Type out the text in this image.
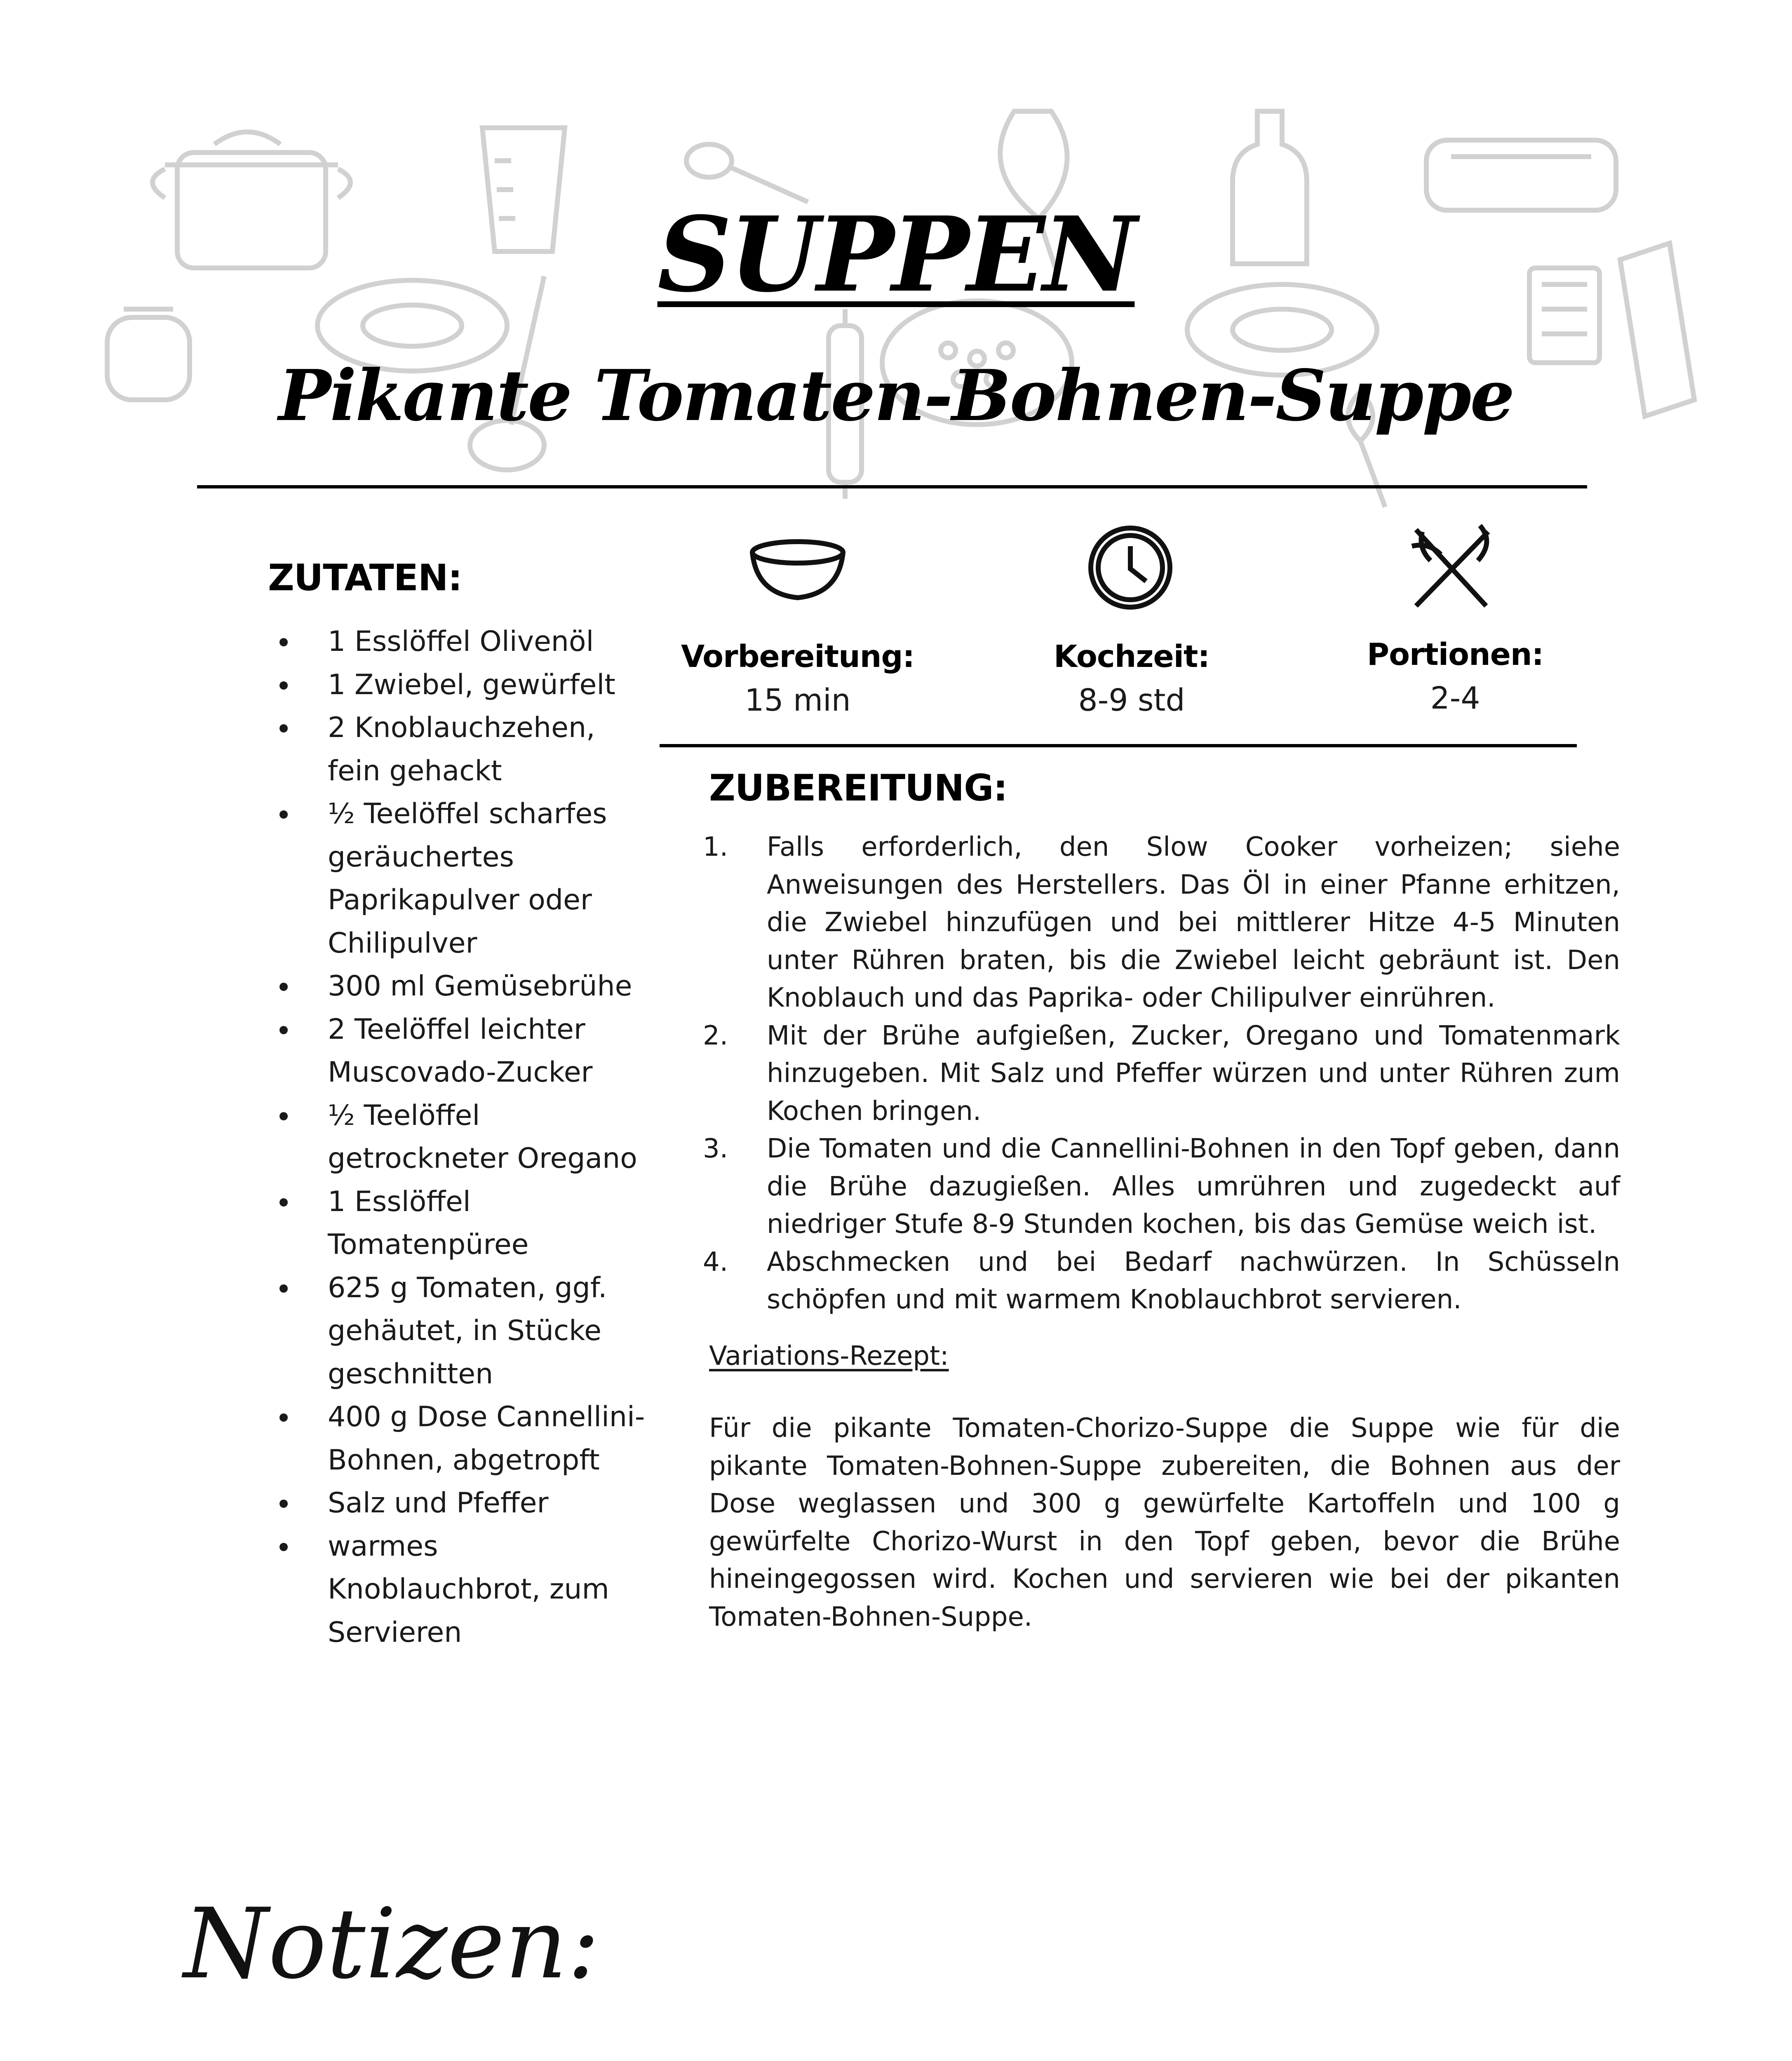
SUPPEN
Pikante Tomaten-Bohnen-Suppe
ZUTATEN:
1 Esslöffel Olivenöl
1 Zwiebel, gewürfelt
2 Knoblauchzehen, fein gehackt
½ Teelöffel scharfes geräuchertes Paprikapulver oder Chilipulver
300 ml Gemüsebrühe
2 Teelöffel leichter Muscovado-Zucker
½ Teelöffel getrockneter Oregano
1 Esslöffel Tomatenpüree
625 g Tomaten, ggf. gehäutet, in Stücke geschnitten
400 g Dose Cannellini-Bohnen, abgetropft
Salz und Pfeffer
warmes Knoblauchbrot, zum Servieren
Vorbereitung:
15 min
Kochzeit:
8-9 std
Portionen:
2-4
ZUBEREITUNG:
1. Falls erforderlich, den Slow Cooker vorheizen; siehe Anweisungen des Herstellers. Das Öl in einer Pfanne erhitzen, die Zwiebel hinzufügen und bei mittlerer Hitze 4-5 Minuten unter Rühren braten, bis die Zwiebel leicht gebräunt ist. Den Knoblauch und das Paprika- oder Chilipulver einrühren.
2. Mit der Brühe aufgießen, Zucker, Oregano und Tomatenmark hinzugeben. Mit Salz und Pfeffer würzen und unter Rühren zum Kochen bringen.
3. Die Tomaten und die Cannellini-Bohnen in den Topf geben, dann die Brühe dazugießen. Alles umrühren und zugedeckt auf niedriger Stufe 8-9 Stunden kochen, bis das Gemüse weich ist.
4. Abschmecken und bei Bedarf nachwürzen. In Schüsseln schöpfen und mit warmem Knoblauchbrot servieren.
Variations-Rezept:
Für die pikante Tomaten-Chorizo-Suppe die Suppe wie für die pikante Tomaten-Bohnen-Suppe zubereiten, die Bohnen aus der Dose weglassen und 300 g gewürfelte Kartoffeln und 100 g gewürfelte Chorizo-Wurst in den Topf geben, bevor die Brühe hineingegossen wird. Kochen und servieren wie bei der pikanten Tomaten-Bohnen-Suppe.
Notizen:
